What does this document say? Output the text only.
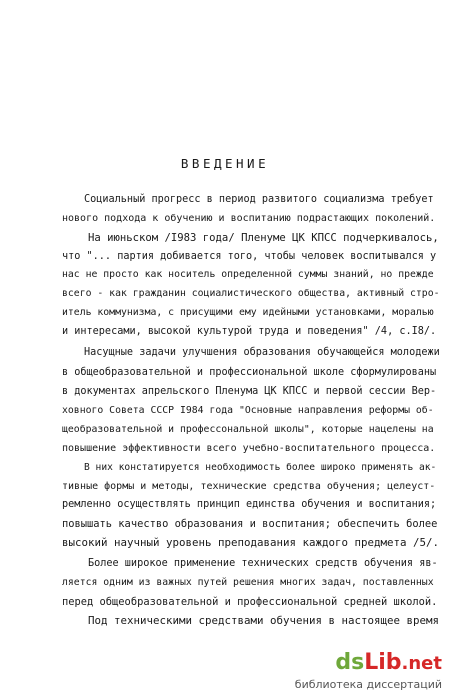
ВВЕДЕНИЕ
Социальный прогресс в период развитого социализма требует
нового подхода к обучению и воспитанию подрастающих поколений.
На июньском /I983 года/ Пленуме ЦК КПСС подчеркивалось,
что "... партия добивается того, чтобы человек воспитывался у
нас не просто как носитель определенной суммы знаний, но прежде
всего - как гражданин социалистического общества, активный стро-
итель коммунизма, с присущими ему идейными установками, моралью
и интересами, высокой культурой труда и поведения" /4, с.I8/.
Насущные задачи улучшения образования обучающейся молодежи
в общеобразовательной и профессиональной школе сформулированы
в документах апрельского Пленума ЦК КПСС и первой сессии Вер-
ховного Совета СССР I984 года "Основные направления реформы об-
щеобразовательной и профессональной школы", которые нацелены на
повышение эффективности всего учебно-воспитательного процесса.
В них констатируется необходимость более широко применять ак-
тивные формы и методы, технические средства обучения; целеуст-
ремленно осуществлять принцип единства обучения и воспитания;
повышать качество образования и воспитания; обеспечить более
высокий научный уровень преподавания каждого предмета /5/.
Более широкое применение технических средств обучения яв-
ляется одним из важных путей решения многих задач, поставленных
перед общеобразовательной и профессиональной средней школой.
Под техническими средствами обучения в настоящее время
dsLib.net
библиотека диссертаций
